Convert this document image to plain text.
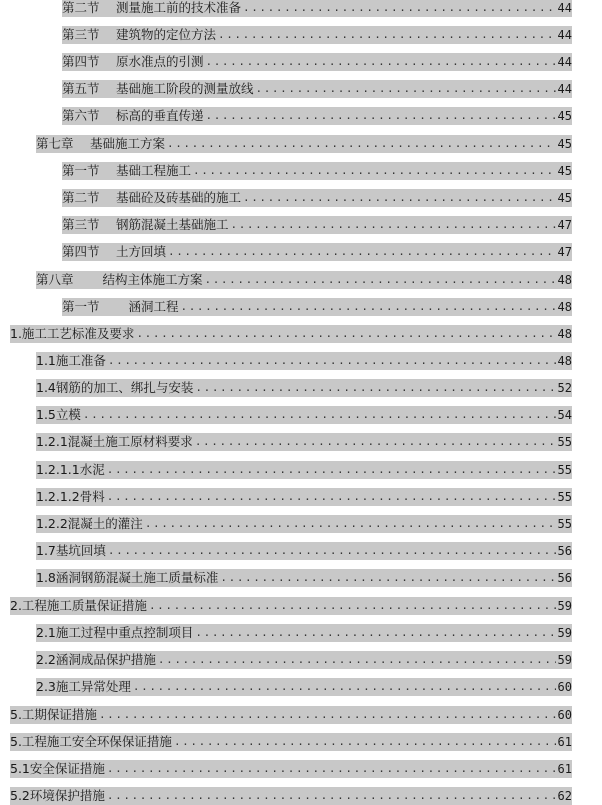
第二节　 测量施工前的技术准备 .....	44
第三节　 建筑物的定位方法 .....	44
第四节　 原水准点的引测 .....	44
第五节　 基础施工阶段的测量放线 .....	44
第六节　 标高的垂直传递 .....	45
第七章　 基础施工方案 .....	45
第一节　 基础工程施工 .....	45
第二节　 基础砼及砖基础的施工 .....	45
第三节　 钢筋混凝土基础施工 .....	47
第四节　 土方回填 .....	47
第八章　　 结构主体施工方案 .....	48
第一节　　 涵洞工程 .....	48
1.施工工艺标准及要求 .....	48
1.1施工准备 .....	48
1.4钢筋的加工、绑扎与安装 .....	52
1.5立模 .....	54
1.2.1混凝土施工原材料要求 .....	55
1.2.1.1水泥 .....	55
1.2.1.2骨料 .....	55
1.2.2混凝土的灌注 .....	55
1.7基坑回填 .....	56
1.8涵洞钢筋混凝土施工质量标准 .....	56
2.工程施工质量保证措施 .....	59
2.1施工过程中重点控制项目 .....	59
2.2涵洞成品保护措施 .....	59
2.3施工异常处理 .....	60
5.工期保证措施 .....	60
5.工程施工安全环保保证措施 .....	61
5.1安全保证措施 .....	61
5.2环境保护措施 .....	62
